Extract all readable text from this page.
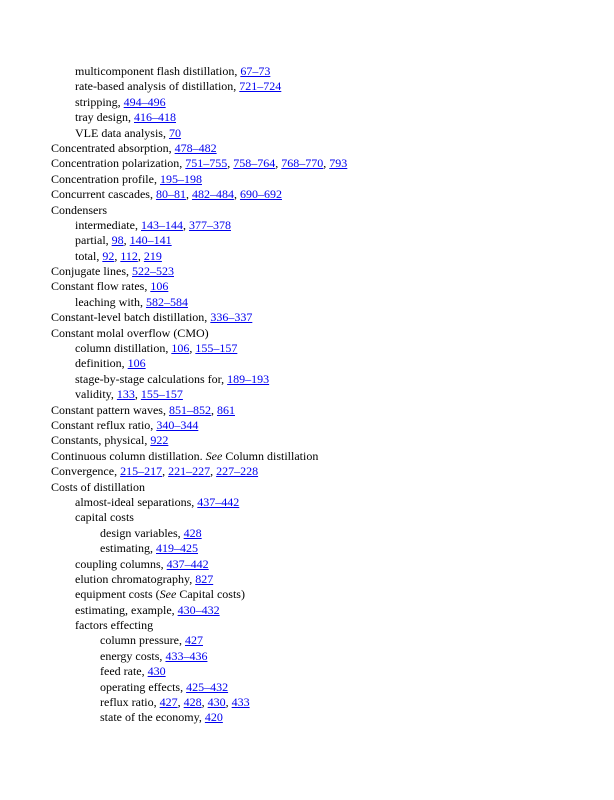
multicomponent flash distillation, 67–73
rate-based analysis of distillation, 721–724
stripping, 494–496
tray design, 416–418
VLE data analysis, 70
Concentrated absorption, 478–482
Concentration polarization, 751–755, 758–764, 768–770, 793
Concentration profile, 195–198
Concurrent cascades, 80–81, 482–484, 690–692
Condensers
intermediate, 143–144, 377–378
partial, 98, 140–141
total, 92, 112, 219
Conjugate lines, 522–523
Constant flow rates, 106
leaching with, 582–584
Constant-level batch distillation, 336–337
Constant molal overflow (CMO)
column distillation, 106, 155–157
definition, 106
stage-by-stage calculations for, 189–193
validity, 133, 155–157
Constant pattern waves, 851–852, 861
Constant reflux ratio, 340–344
Constants, physical, 922
Continuous column distillation. See Column distillation
Convergence, 215–217, 221–227, 227–228
Costs of distillation
almost-ideal separations, 437–442
capital costs
design variables, 428
estimating, 419–425
coupling columns, 437–442
elution chromatography, 827
equipment costs (See Capital costs)
estimating, example, 430–432
factors effecting
column pressure, 427
energy costs, 433–436
feed rate, 430
operating effects, 425–432
reflux ratio, 427, 428, 430, 433
state of the economy, 420
